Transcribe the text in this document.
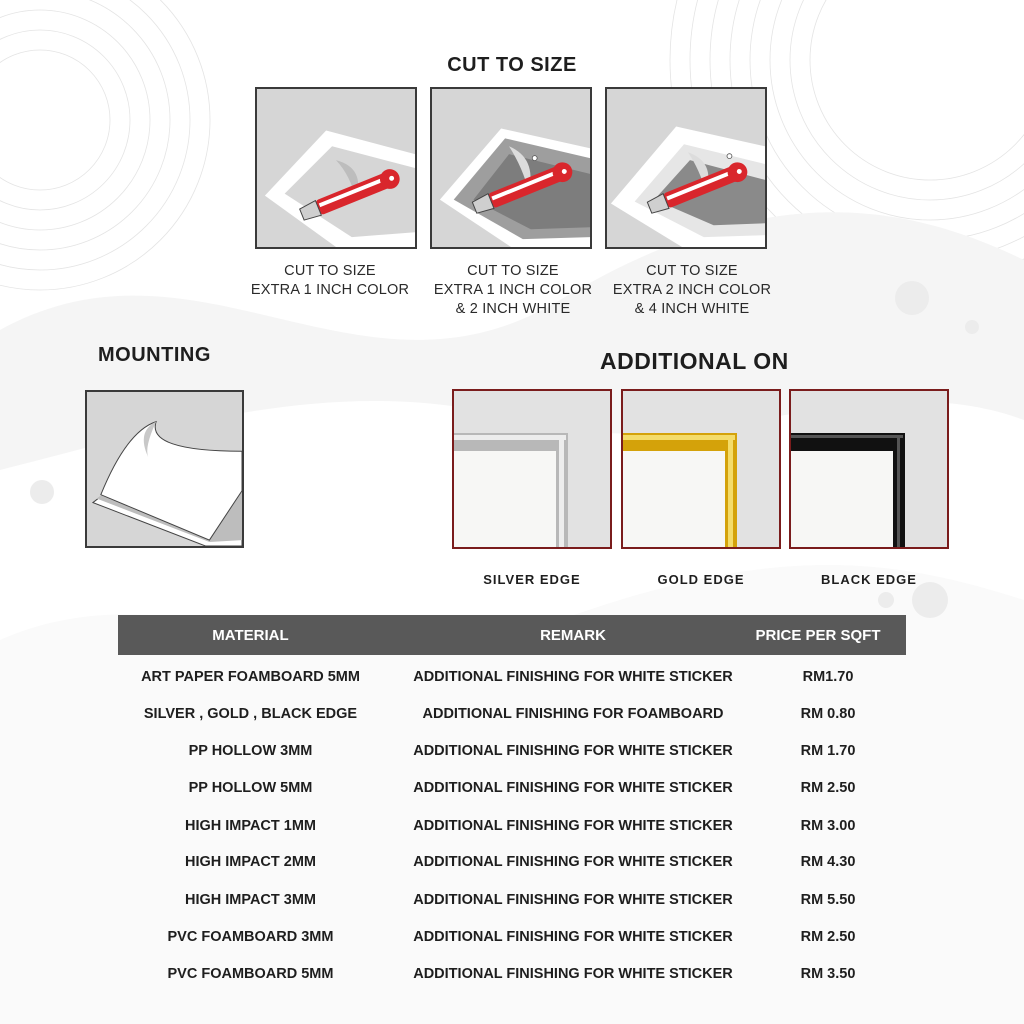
CUT TO SIZE
CUT TO SIZE
EXTRA 1 INCH COLOR
CUT TO SIZE
EXTRA 1 INCH COLOR
& 2 INCH WHITE
CUT TO SIZE
EXTRA 2 INCH COLOR
& 4 INCH WHITE
MOUNTING	ADDITIONAL ON
SILVER EDGE	GOLD EDGE	BLACK EDGE
MATERIAL	REMARK	PRICE PER SQFT
ART PAPER FOAMBOARD 5MM	ADDITIONAL FINISHING FOR WHITE STICKER	RM1.70
SILVER , GOLD , BLACK EDGE	ADDITIONAL FINISHING FOR FOAMBOARD	RM 0.80
PP HOLLOW 3MM	ADDITIONAL FINISHING FOR WHITE STICKER	RM 1.70
PP HOLLOW 5MM	ADDITIONAL FINISHING FOR WHITE STICKER	RM 2.50
HIGH IMPACT 1MM	ADDITIONAL FINISHING FOR WHITE STICKER	RM 3.00
HIGH IMPACT 2MM	ADDITIONAL FINISHING FOR WHITE STICKER	RM 4.30
HIGH IMPACT 3MM	ADDITIONAL FINISHING FOR WHITE STICKER	RM 5.50
PVC FOAMBOARD 3MM	ADDITIONAL FINISHING FOR WHITE STICKER	RM 2.50
PVC FOAMBOARD 5MM	ADDITIONAL FINISHING FOR WHITE STICKER	RM 3.50
